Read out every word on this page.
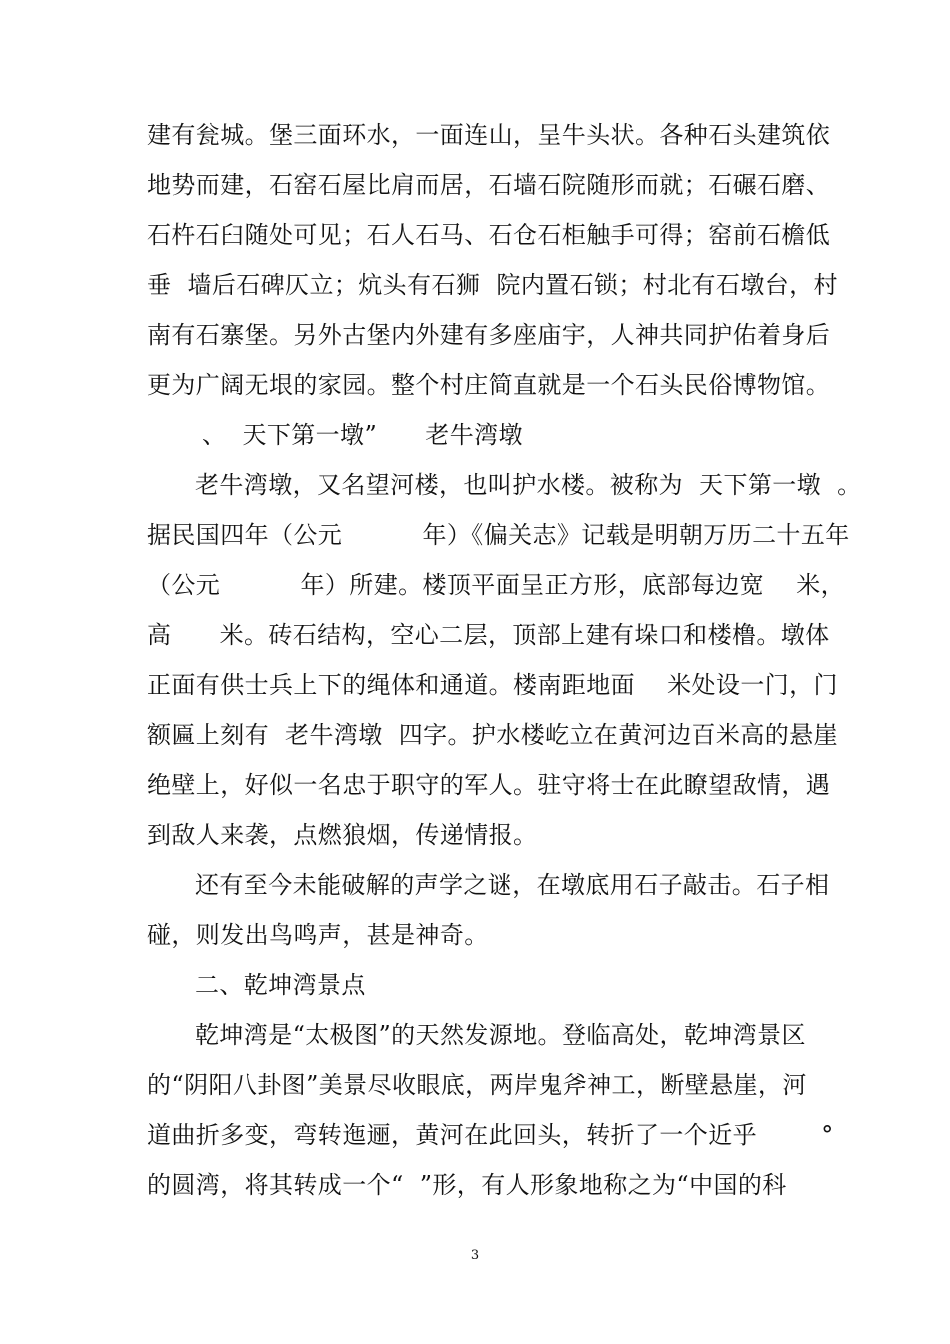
建有瓮城。堡三面环水，一面连山，呈牛头状。各种石头建筑依
地势而建，石窑石屋比肩而居，石墙石院随形而就；石碾石磨、
石杵石臼随处可见；石人石马、石仓石柜触手可得；窑前石檐低
垂  墙后石碑仄立；炕头有石狮  院内置石锁；村北有石墩台，村
南有石寨堡。另外古堡内外建有多座庙宇，人神共同护佑着身后
更为广阔无垠的家园。整个村庄简直就是一个石头民俗博物馆。
、  天下第一墩”      老牛湾墩
老牛湾墩，又名望河楼，也叫护水楼。被称为  天下第一墩  。
据民国四年（公元          年）《偏关志》记载是明朝万历二十五年
（公元          年）所建。楼顶平面呈正方形，底部每边宽    米，
高      米。砖石结构，空心二层，顶部上建有垛口和楼橹。墩体
正面有供士兵上下的绳体和通道。楼南距地面    米处设一门，门
额匾上刻有  老牛湾墩  四字。护水楼屹立在黄河边百米高的悬崖
绝壁上，好似一名忠于职守的军人。驻守将士在此瞭望敌情，遇
到敌人来袭，点燃狼烟，传递情报。
还有至今未能破解的声学之谜，在墩底用石子敲击。石子相
碰，则发出鸟鸣声，甚是神奇。
二、乾坤湾景点
乾坤湾是“太极图”的天然发源地。登临高处，乾坤湾景区
的“阴阳八卦图”美景尽收眼底，两岸鬼斧神工，断壁悬崖，河
道曲折多变，弯转迤逦，黄河在此回头，转折了一个近乎        °
的圆湾，将其转成一个“  ”形，有人形象地称之为“中国的科
3
